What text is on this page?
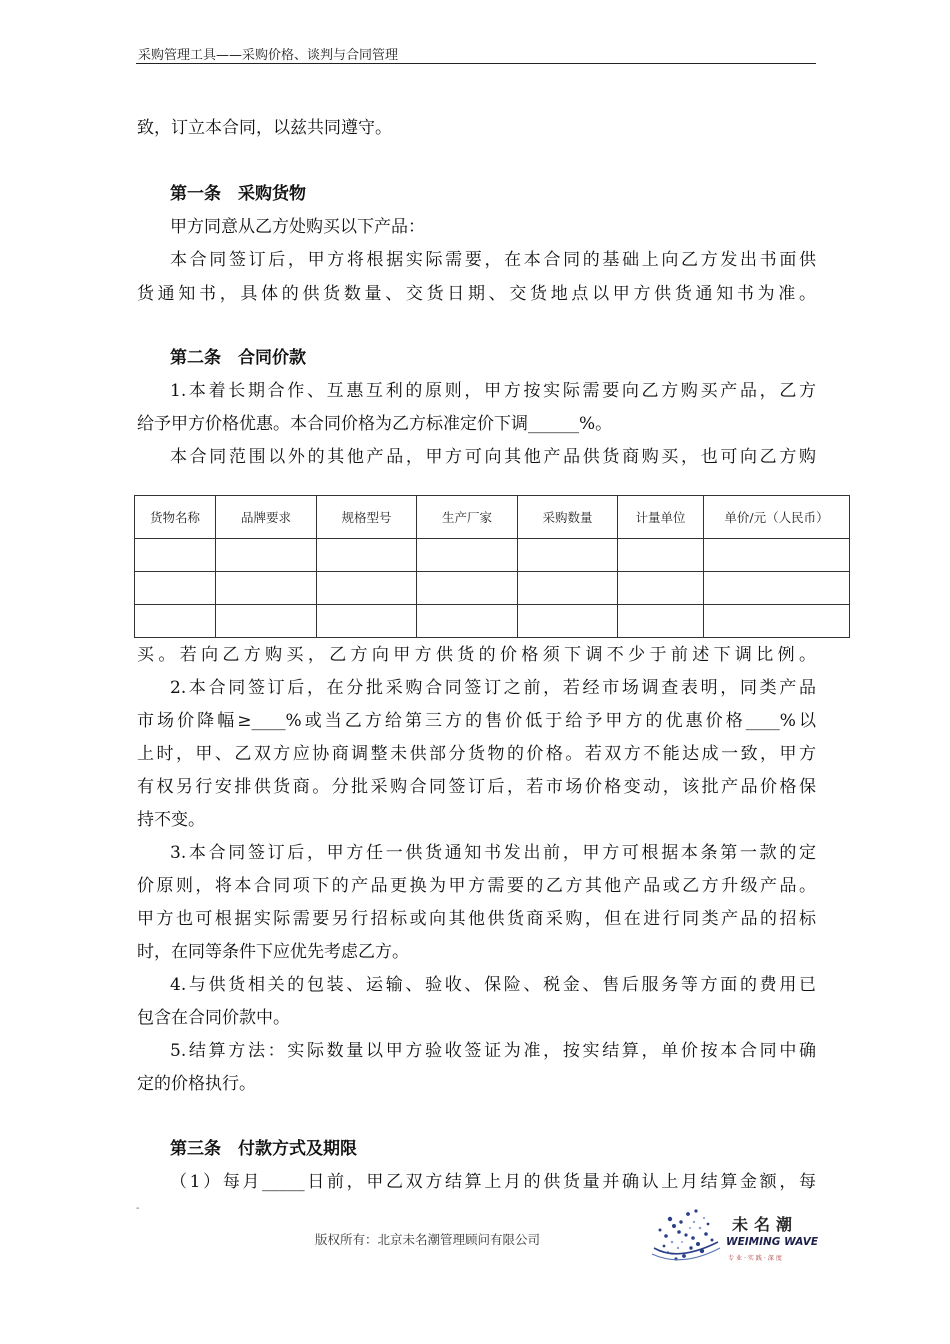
采购管理工具——采购价格、谈判与合同管理
致，订立本合同，以兹共同遵守。
第一条　采购货物
甲方同意从乙方处购买以下产品：
本合同签订后，甲方将根据实际需要，在本合同的基础上向乙方发出书面供
货通知书，具体的供货数量、交货日期、交货地点以甲方供货通知书为准。
第二条　合同价款
1.本着长期合作、互惠互利的原则，甲方按实际需要向乙方购买产品，乙方
给予甲方价格优惠。本合同价格为乙方标准定价下调______%。
本合同范围以外的其他产品，甲方可向其他产品供货商购买，也可向乙方购
货物名称	品牌要求	规格型号	生产厂家	采购数量	计量单位	单价/元（人民币）

买。若向乙方购买，乙方向甲方供货的价格须下调不少于前述下调比例。
2.本合同签订后，在分批采购合同签订之前，若经市场调查表明，同类产品
市场价降幅≥____%或当乙方给第三方的售价低于给予甲方的优惠价格____%以
上时，甲、乙双方应协商调整未供部分货物的价格。若双方不能达成一致，甲方
有权另行安排供货商。分批采购合同签订后，若市场价格变动，该批产品价格保
持不变。
3.本合同签订后，甲方任一供货通知书发出前，甲方可根据本条第一款的定
价原则，将本合同项下的产品更换为甲方需要的乙方其他产品或乙方升级产品。
甲方也可根据实际需要另行招标或向其他供货商采购，但在进行同类产品的招标
时，在同等条件下应优先考虑乙方。
4.与供货相关的包装、运输、验收、保险、税金、售后服务等方面的费用已
包含在合同价款中。
5.结算方法：实际数量以甲方验收签证为准，按实结算，单价按本合同中确
定的价格执行。
第三条　付款方式及期限
（1）每月_____日前，甲乙双方结算上月的供货量并确认上月结算金额，每
-
版权所有：北京未名潮管理顾问有限公司
未名潮
WEIMING WAVE
专业·实践·深度
